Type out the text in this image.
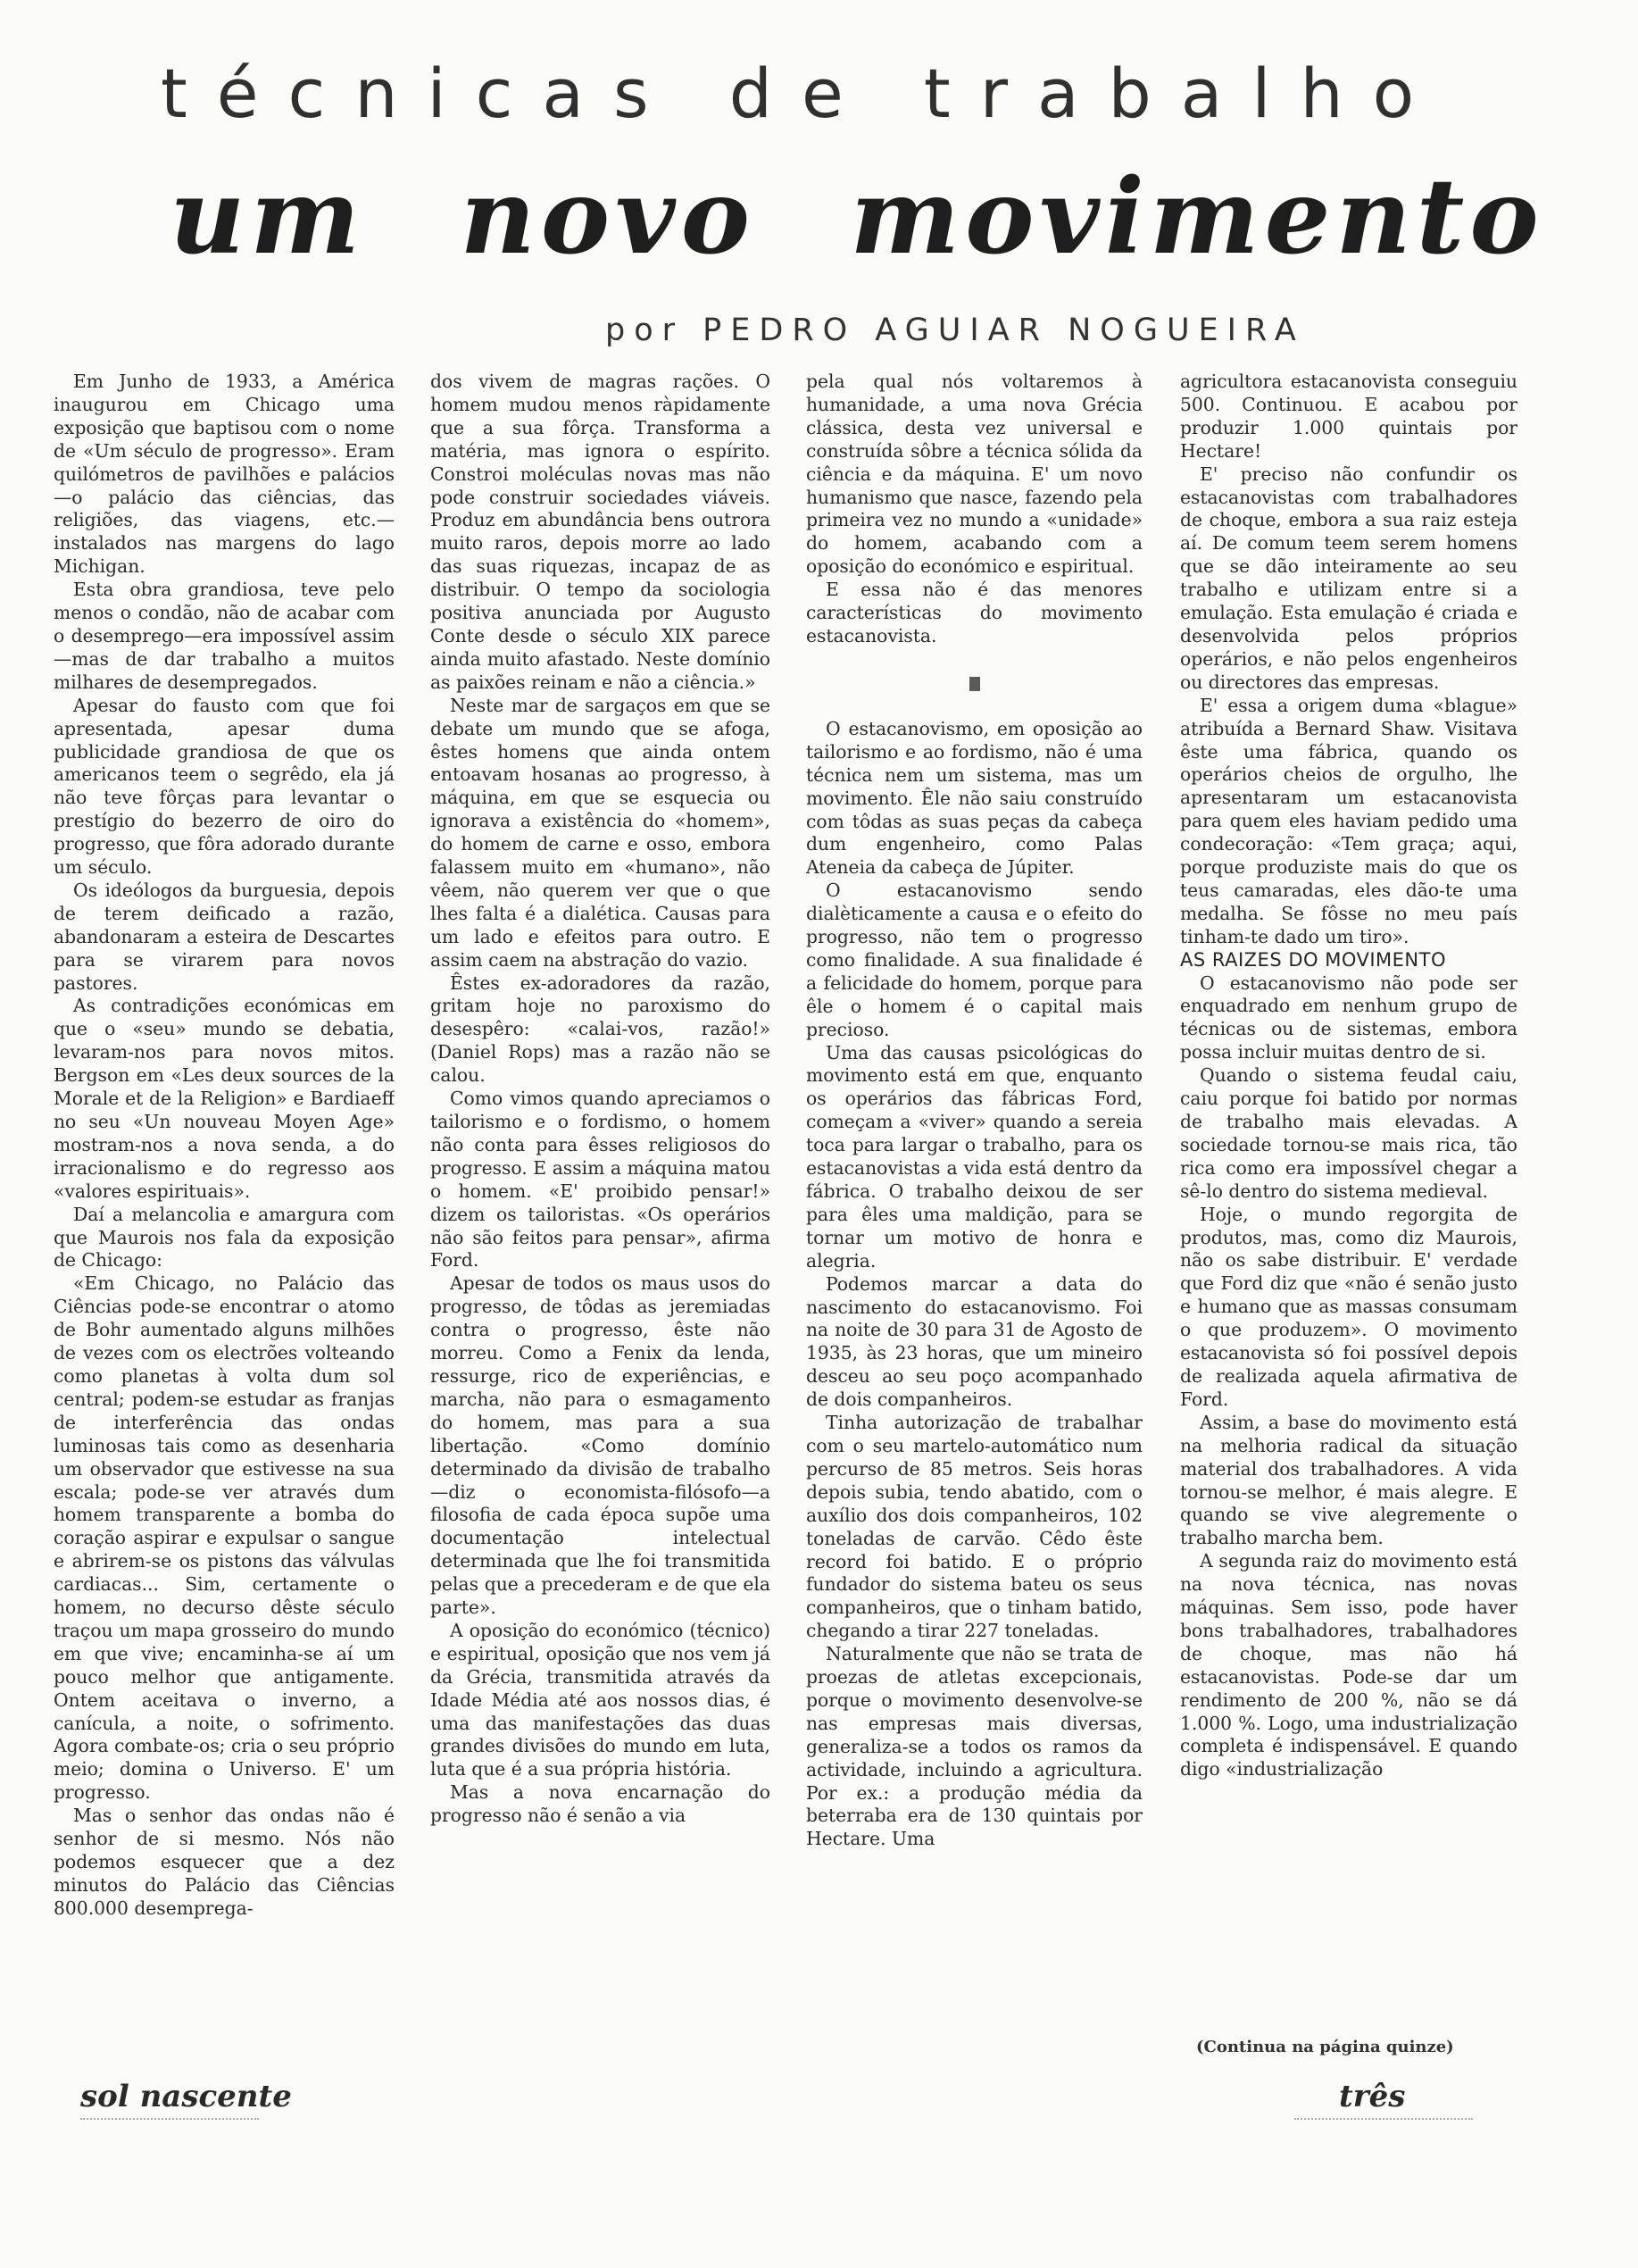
técnicas de trabalho
um novo movimento
por PEDRO AGUIAR NOGUEIRA

Em Junho de 1933, a América inaugurou em Chicago uma exposição que baptisou com o nome de «Um século de progresso». Eram quilómetros de pavilhões e palácios—o palácio das ciências, das religiões, das viagens, etc.—instalados nas margens do lago Michigan.

Esta obra grandiosa, teve pelo menos o condão, não de acabar com o desemprego—era impossível assim—mas de dar trabalho a muitos milhares de desempregados.

Apesar do fausto com que foi apresentada, apesar duma publicidade grandiosa de que os americanos teem o segrêdo, ela já não teve fôrças para levantar o prestígio do bezerro de oiro do progresso, que fôra adorado durante um século.

Os ideólogos da burguesia, depois de terem deificado a razão, abandonaram a esteira de Descartes para se virarem para novos pastores.

As contradições económicas em que o «seu» mundo se debatia, levaram-nos para novos mitos. Bergson em «Les deux sources de la Morale et de la Religion» e Bardiaeff no seu «Un nouveau Moyen Age» mostram-nos a nova senda, a do irracionalismo e do regresso aos «valores espirituais».

Daí a melancolia e amargura com que Maurois nos fala da exposição de Chicago:

«Em Chicago, no Palácio das Ciências pode-se encontrar o atomo de Bohr aumentado alguns milhões de vezes com os electrões volteando como planetas à volta dum sol central; podem-se estudar as franjas de interferência das ondas luminosas tais como as desenharia um observador que estivesse na sua escala; pode-se ver através dum homem transparente a bomba do coração aspirar e expulsar o sangue e abrirem-se os pistons das válvulas cardiacas... Sim, certamente o homem, no decurso dêste século traçou um mapa grosseiro do mundo em que vive; encaminha-se aí um pouco melhor que antigamente. Ontem aceitava o inverno, a canícula, a noite, o sofrimento. Agora combate-os; cria o seu próprio meio; domina o Universo. E' um progresso.

Mas o senhor das ondas não é senhor de si mesmo. Nós não podemos esquecer que a dez minutos do Palácio das Ciências 800.000 desemprega-

dos vivem de magras rações. O homem mudou menos ràpidamente que a sua fôrça. Transforma a matéria, mas ignora o espírito. Constroi moléculas novas mas não pode construir sociedades viáveis. Produz em abundância bens outrora muito raros, depois morre ao lado das suas riquezas, incapaz de as distribuir. O tempo da sociologia positiva anunciada por Augusto Conte desde o século XIX parece ainda muito afastado. Neste domínio as paixões reinam e não a ciência.»

Neste mar de sargaços em que se debate um mundo que se afoga, êstes homens que ainda ontem entoavam hosanas ao progresso, à máquina, em que se esquecia ou ignorava a existência do «homem», do homem de carne e osso, embora falassem muito em «humano», não vêem, não querem ver que o que lhes falta é a dialética. Causas para um lado e efeitos para outro. E assim caem na abstração do vazio.

Êstes ex-adoradores da razão, gritam hoje no paroxismo do desespêro: «calai-vos, razão!» (Daniel Rops) mas a razão não se calou.

Como vimos quando apreciamos o tailorismo e o fordismo, o homem não conta para êsses religiosos do progresso. E assim a máquina matou o homem. «E' proibido pensar!» dizem os tailoristas. «Os operários não são feitos para pensar», afirma Ford.

Apesar de todos os maus usos do progresso, de tôdas as jeremiadas contra o progresso, êste não morreu. Como a Fenix da lenda, ressurge, rico de experiências, e marcha, não para o esmagamento do homem, mas para a sua libertação. «Como domínio determinado da divisão de trabalho—diz o economista-filósofo—a filosofia de cada época supõe uma documentação intelectual determinada que lhe foi transmitida pelas que a precederam e de que ela parte».

A oposição do económico (técnico) e espiritual, oposição que nos vem já da Grécia, transmitida através da Idade Média até aos nossos dias, é uma das manifestações das duas grandes divisões do mundo em luta, luta que é a sua própria história.

Mas a nova encarnação do progresso não é senão a via

pela qual nós voltaremos à humanidade, a uma nova Grécia clássica, desta vez universal e construída sôbre a técnica sólida da ciência e da máquina. E' um novo humanismo que nasce, fazendo pela primeira vez no mundo a «unidade» do homem, acabando com a oposição do económico e espiritual.

E essa não é das menores características do movimento estacanovista.

O estacanovismo, em oposição ao tailorismo e ao fordismo, não é uma técnica nem um sistema, mas um movimento. Êle não saiu construído com tôdas as suas peças da cabeça dum engenheiro, como Palas Ateneia da cabeça de Júpiter.

O estacanovismo sendo dialèticamente a causa e o efeito do progresso, não tem o progresso como finalidade. A sua finalidade é a felicidade do homem, porque para êle o homem é o capital mais precioso.

Uma das causas psicológicas do movimento está em que, enquanto os operários das fábricas Ford, começam a «viver» quando a sereia toca para largar o trabalho, para os estacanovistas a vida está dentro da fábrica. O trabalho deixou de ser para êles uma maldição, para se tornar um motivo de honra e alegria.

Podemos marcar a data do nascimento do estacanovismo. Foi na noite de 30 para 31 de Agosto de 1935, às 23 horas, que um mineiro desceu ao seu poço acompanhado de dois companheiros.

Tinha autorização de trabalhar com o seu martelo-automático num percurso de 85 metros. Seis horas depois subia, tendo abatido, com o auxílio dos dois companheiros, 102 toneladas de carvão. Cêdo êste record foi batido. E o próprio fundador do sistema bateu os seus companheiros, que o tinham batido, chegando a tirar 227 toneladas.

Naturalmente que não se trata de proezas de atletas excepcionais, porque o movimento desenvolve-se nas empresas mais diversas, generaliza-se a todos os ramos da actividade, incluindo a agricultura. Por ex.: a produção média da beterraba era de 130 quintais por Hectare. Uma

agricultora estacanovista conseguiu 500. Continuou. E acabou por produzir 1.000 quintais por Hectare!

E' preciso não confundir os estacanovistas com trabalhadores de choque, embora a sua raiz esteja aí. De comum teem serem homens que se dão inteiramente ao seu trabalho e utilizam entre si a emulação. Esta emulação é criada e desenvolvida pelos próprios operários, e não pelos engenheiros ou directores das empresas.

E' essa a origem duma «blague» atribuída a Bernard Shaw. Visitava êste uma fábrica, quando os operários cheios de orgulho, lhe apresentaram um estacanovista para quem eles haviam pedido uma condecoração: «Tem graça; aqui, porque produziste mais do que os teus camaradas, eles dão-te uma medalha. Se fôsse no meu país tinham-te dado um tiro».

AS RAIZES DO MOVIMENTO

O estacanovismo não pode ser enquadrado em nenhum grupo de técnicas ou de sistemas, embora possa incluir muitas dentro de si.

Quando o sistema feudal caiu, caiu porque foi batido por normas de trabalho mais elevadas. A sociedade tornou-se mais rica, tão rica como era impossível chegar a sê-lo dentro do sistema medieval.

Hoje, o mundo regorgita de produtos, mas, como diz Maurois, não os sabe distribuir. E' verdade que Ford diz que «não é senão justo e humano que as massas consumam o que produzem». O movimento estacanovista só foi possível depois de realizada aquela afirmativa de Ford.

Assim, a base do movimento está na melhoria radical da situação material dos trabalhadores. A vida tornou-se melhor, é mais alegre. E quando se vive alegremente o trabalho marcha bem.

A segunda raiz do movimento está na nova técnica, nas novas máquinas. Sem isso, pode haver bons trabalhadores, trabalhadores de choque, mas não há estacanovistas. Pode-se dar um rendimento de 200 %, não se dá 1.000 %. Logo, uma industrialização completa é indispensável. E quando digo «industrialização

(Continua na página quinze)
sol nascente	três
